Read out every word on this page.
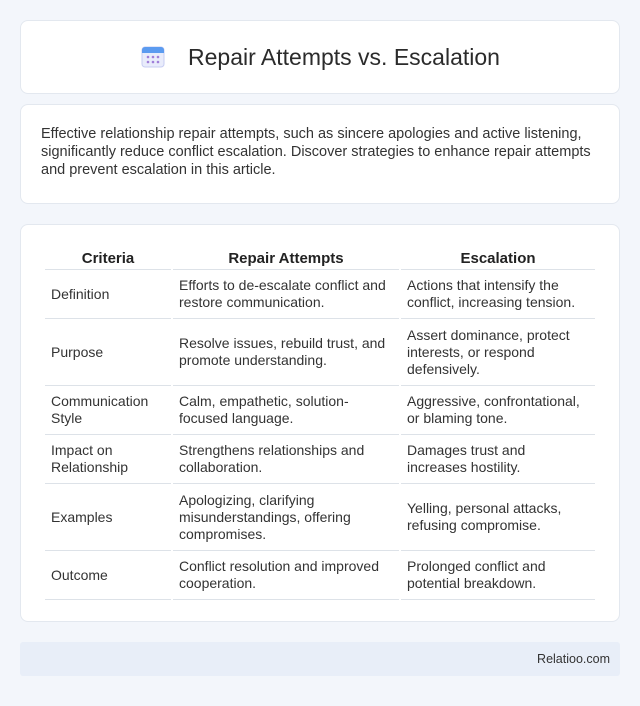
Repair Attempts vs. Escalation

Effective relationship repair attempts, such as sincere apologies and active listening, significantly reduce conflict escalation. Discover strategies to enhance repair attempts and prevent escalation in this article.

Criteria	Repair Attempts	Escalation
Definition	Efforts to de-escalate conflict and restore communication.	Actions that intensify the conflict, increasing tension.
Purpose	Resolve issues, rebuild trust, and promote understanding.	Assert dominance, protect interests, or respond defensively.
Communication Style	Calm, empathetic, solution-focused language.	Aggressive, confrontational, or blaming tone.
Impact on Relationship	Strengthens relationships and collaboration.	Damages trust and increases hostility.
Examples	Apologizing, clarifying misunderstandings, offering compromises.	Yelling, personal attacks, refusing compromise.
Outcome	Conflict resolution and improved cooperation.	Prolonged conflict and potential breakdown.
Relatioo.com
